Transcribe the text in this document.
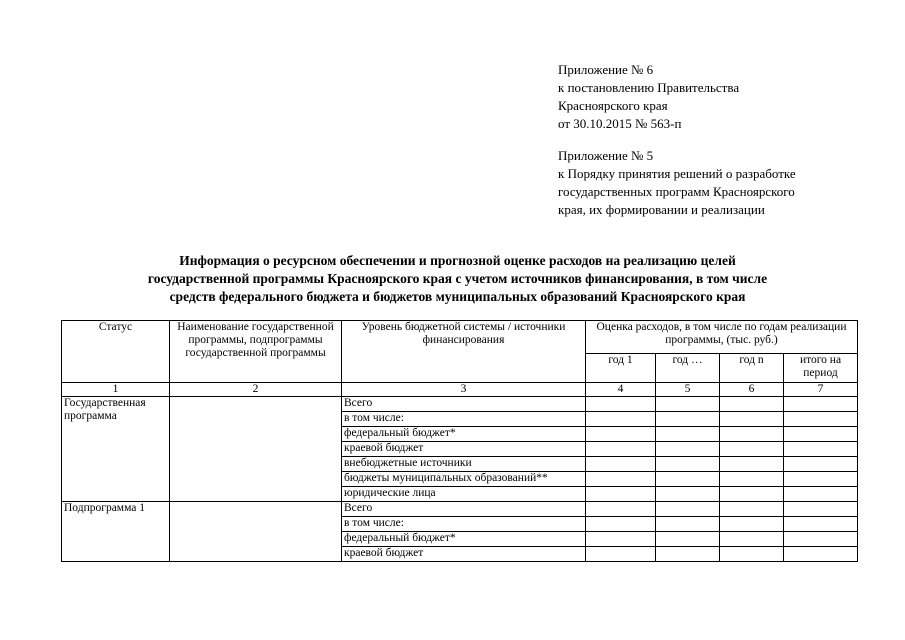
Приложение № 6
к постановлению Правительства
Красноярского края
от 30.10.2015 № 563-п
Приложение № 5
к Порядку принятия решений о разработке
государственных программ Красноярского
края, их формировании и реализации
Информация о ресурсном обеспечении и прогнозной оценке расходов на реализацию целей
государственной программы Красноярского края с учетом источников финансирования, в том числе
средств федерального бюджета и бюджетов муниципальных образований Красноярского края
Статус	Наименование государственной программы, подпрограммы государственной программы	Уровень бюджетной системы / источники финансирования	Оценка расходов, в том числе по годам реализации программы, (тыс. руб.)			
			год 1	год …	год n	итого на период
1	2	3	4	5	6	7
Государственная программа		Всего				
		в том числе:				
		федеральный бюджет*				
		краевой бюджет				
		внебюджетные источники				
		бюджеты муниципальных образований**				
		юридические лица				
Подпрограмма 1		Всего				
		в том числе:				
		федеральный бюджет*				
		краевой бюджет				
